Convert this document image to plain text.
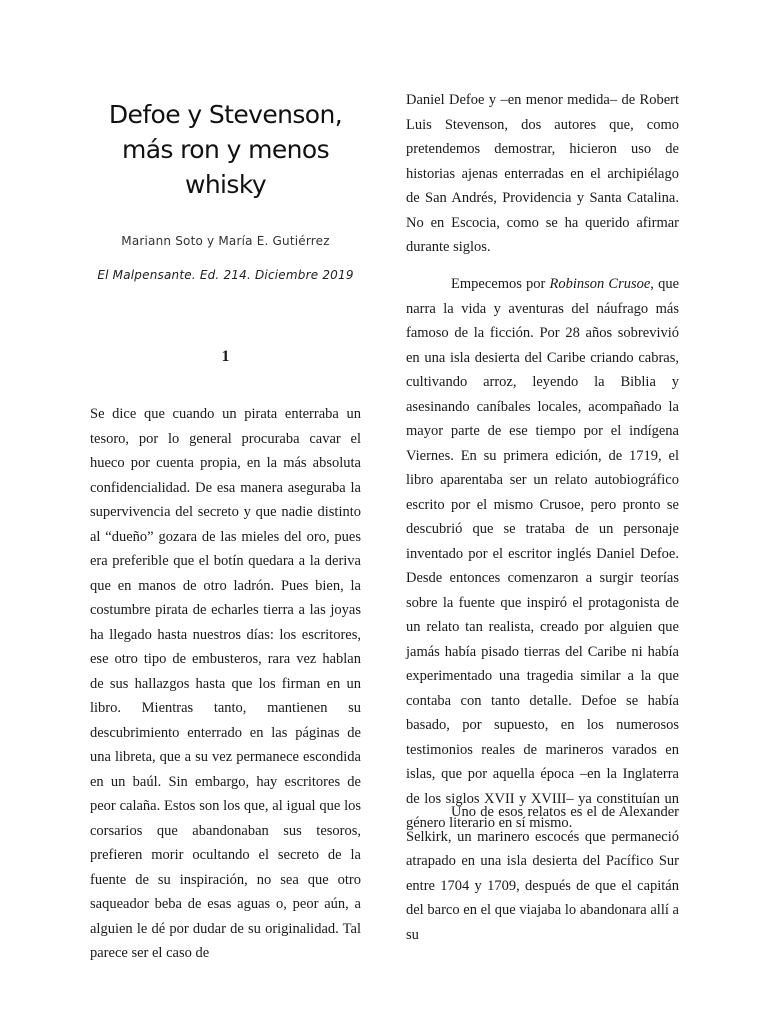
Defoe y Stevenson, más ron y menos whisky
Mariann Soto y María E. Gutiérrez
El Malpensante. Ed. 214. Diciembre 2019
1

Se dice que cuando un pirata enterraba un tesoro, por lo general procuraba cavar el hueco por cuenta propia, en la más absoluta confidencialidad. De esa manera aseguraba la supervivencia del secreto y que nadie distinto al “dueño” gozara de las mieles del oro, pues era preferible que el botín quedara a la deriva que en manos de otro ladrón. Pues bien, la costumbre pirata de echarles tierra a las joyas ha llegado hasta nuestros días: los escritores, ese otro tipo de embusteros, rara vez hablan de sus hallazgos hasta que los firman en un libro. Mientras tanto, mantienen su descubrimiento enterrado en las páginas de una libreta, que a su vez permanece escondida en un baúl. Sin embargo, hay escritores de peor calaña. Estos son los que, al igual que los corsarios que abandonaban sus tesoros, prefieren morir ocultando el secreto de la fuente de su inspiración, no sea que otro saqueador beba de esas aguas o, peor aún, a alguien le dé por dudar de su originalidad. Tal parece ser el caso de

Daniel Defoe y –en menor medida– de Robert Luis Stevenson, dos autores que, como pretendemos demostrar, hicieron uso de historias ajenas enterradas en el archipiélago de San Andrés, Providencia y Santa Catalina. No en Escocia, como se ha querido afirmar durante siglos.

Empecemos por Robinson Crusoe, que narra la vida y aventuras del náufrago más famoso de la ficción. Por 28 años sobrevivió en una isla desierta del Caribe criando cabras, cultivando arroz, leyendo la Biblia y asesinando caníbales locales, acompañado la mayor parte de ese tiempo por el indígena Viernes. En su primera edición, de 1719, el libro aparentaba ser un relato autobiográfico escrito por el mismo Crusoe, pero pronto se descubrió que se trataba de un personaje inventado por el escritor inglés Daniel Defoe. Desde entonces comenzaron a surgir teorías sobre la fuente que inspiró el protagonista de un relato tan realista, creado por alguien que jamás había pisado tierras del Caribe ni había experimentado una tragedia similar a la que contaba con tanto detalle. Defoe se había basado, por supuesto, en los numerosos testimonios reales de marineros varados en islas, que por aquella época –en la Inglaterra de los siglos XVII y XVIII– ya constituían un género literario en sí mismo.

Uno de esos relatos es el de Alexander Selkirk, un marinero escocés que permaneció atrapado en una isla desierta del Pacífico Sur entre 1704 y 1709, después de que el capitán del barco en el que viajaba lo abandonara allí a su
